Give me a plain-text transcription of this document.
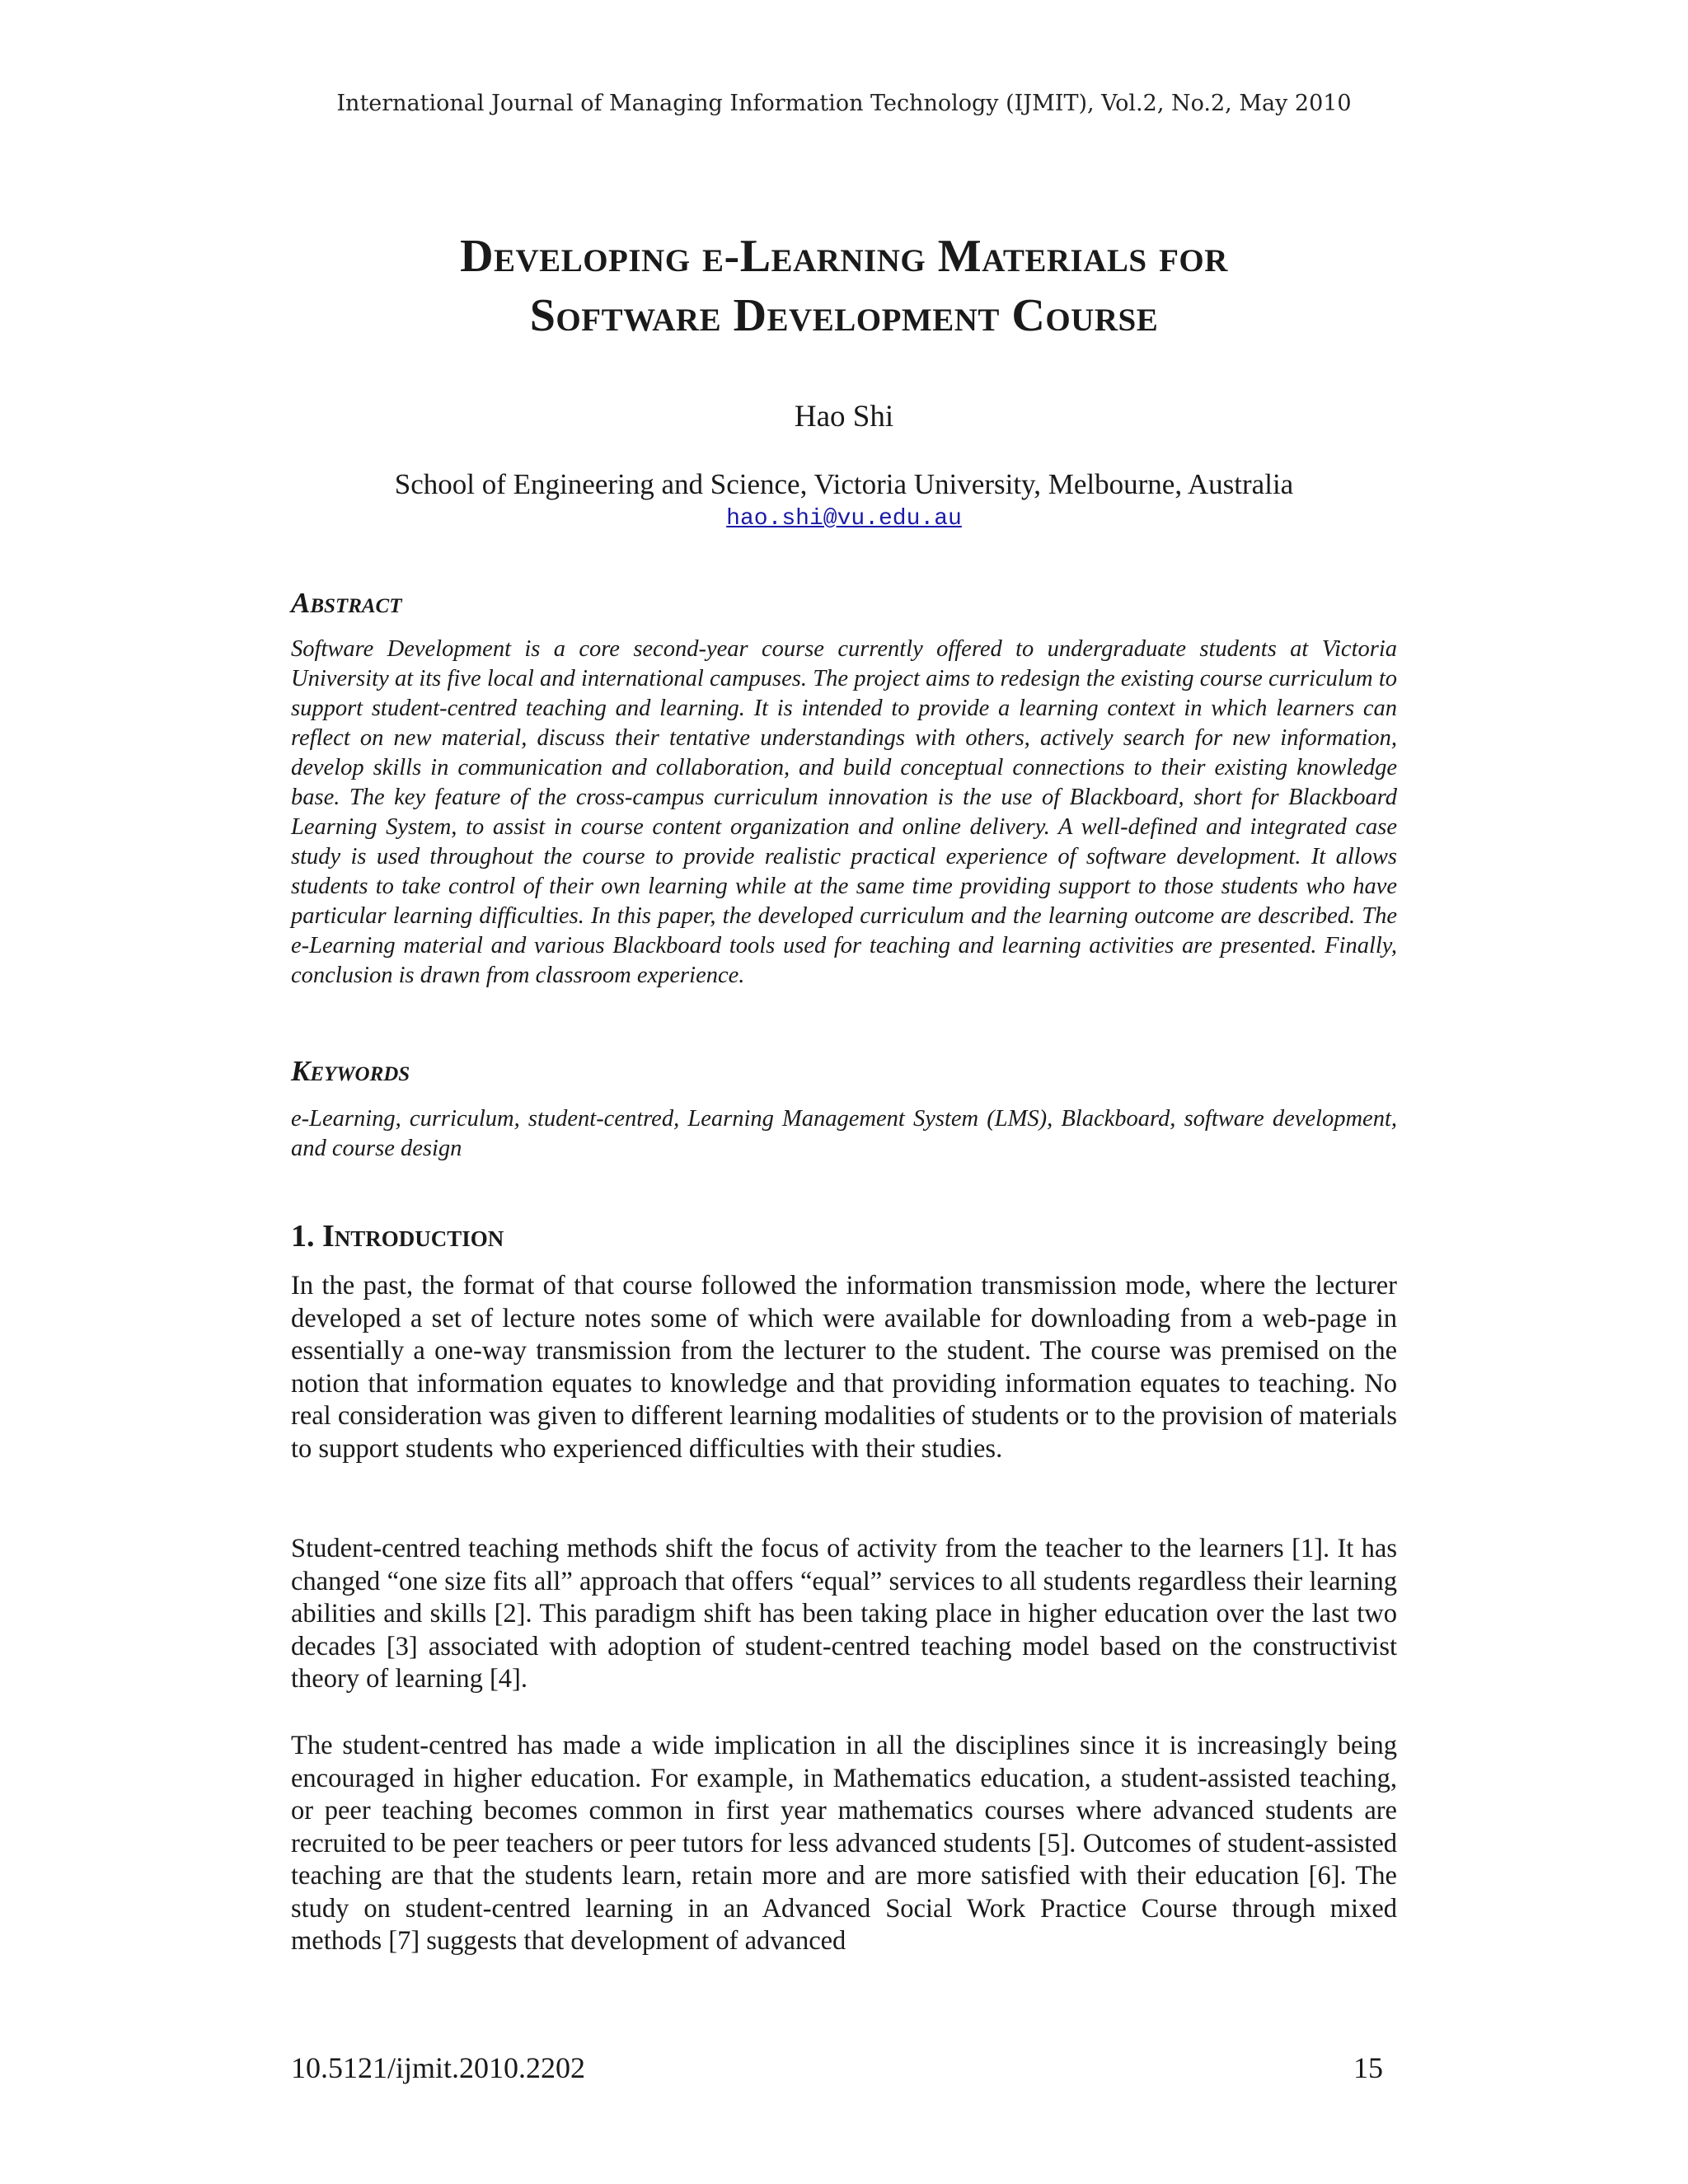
International Journal of Managing Information Technology (IJMIT), Vol.2, No.2, May 2010

Developing e-Learning Materials for
Software Development Course

Hao Shi

School of Engineering and Science, Victoria University, Melbourne, Australia

hao.shi@vu.edu.au
Abstract

Software Development is a core second-year course currently offered to undergraduate students at Victoria University at its five local and international campuses. The project aims to redesign the existing course curriculum to support student-centred teaching and learning. It is intended to provide a learning context in which learners can reflect on new material, discuss their tentative understandings with others, actively search for new information, develop skills in communication and collaboration, and build conceptual connections to their existing knowledge base. The key feature of the cross-campus curriculum innovation is the use of Blackboard, short for Blackboard Learning System, to assist in course content organization and online delivery. A well-defined and integrated case study is used throughout the course to provide realistic practical experience of software development. It allows students to take control of their own learning while at the same time providing support to those students who have particular learning difficulties. In this paper, the developed curriculum and the learning outcome are described. The e-Learning material and various Blackboard tools used for teaching and learning activities are presented. Finally, conclusion is drawn from classroom experience.

Keywords

e-Learning, curriculum, student-centred, Learning Management System (LMS), Blackboard, software development, and course design

1. Introduction

In the past, the format of that course followed the information transmission mode, where the lecturer developed a set of lecture notes some of which were available for downloading from a web-page in essentially a one-way transmission from the lecturer to the student. The course was premised on the notion that information equates to knowledge and that providing information equates to teaching. No real consideration was given to different learning modalities of students or to the provision of materials to support students who experienced difficulties with their studies.

Student-centred teaching methods shift the focus of activity from the teacher to the learners [1]. It has changed “one size fits all” approach that offers “equal” services to all students regardless their learning abilities and skills [2]. This paradigm shift has been taking place in higher education over the last two decades [3] associated with adoption of student-centred teaching model based on the constructivist theory of learning [4].

The student-centred has made a wide implication in all the disciplines since it is increasingly being encouraged in higher education. For example, in Mathematics education, a student-assisted teaching, or peer teaching becomes common in first year mathematics courses where advanced students are recruited to be peer teachers or peer tutors for less advanced students [5]. Outcomes of student-assisted teaching are that the students learn, retain more and are more satisfied with their education [6]. The study on student-centred learning in an Advanced Social Work Practice Course through mixed methods [7] suggests that development of advanced

10.5121/ijmit.2010.2202	15
